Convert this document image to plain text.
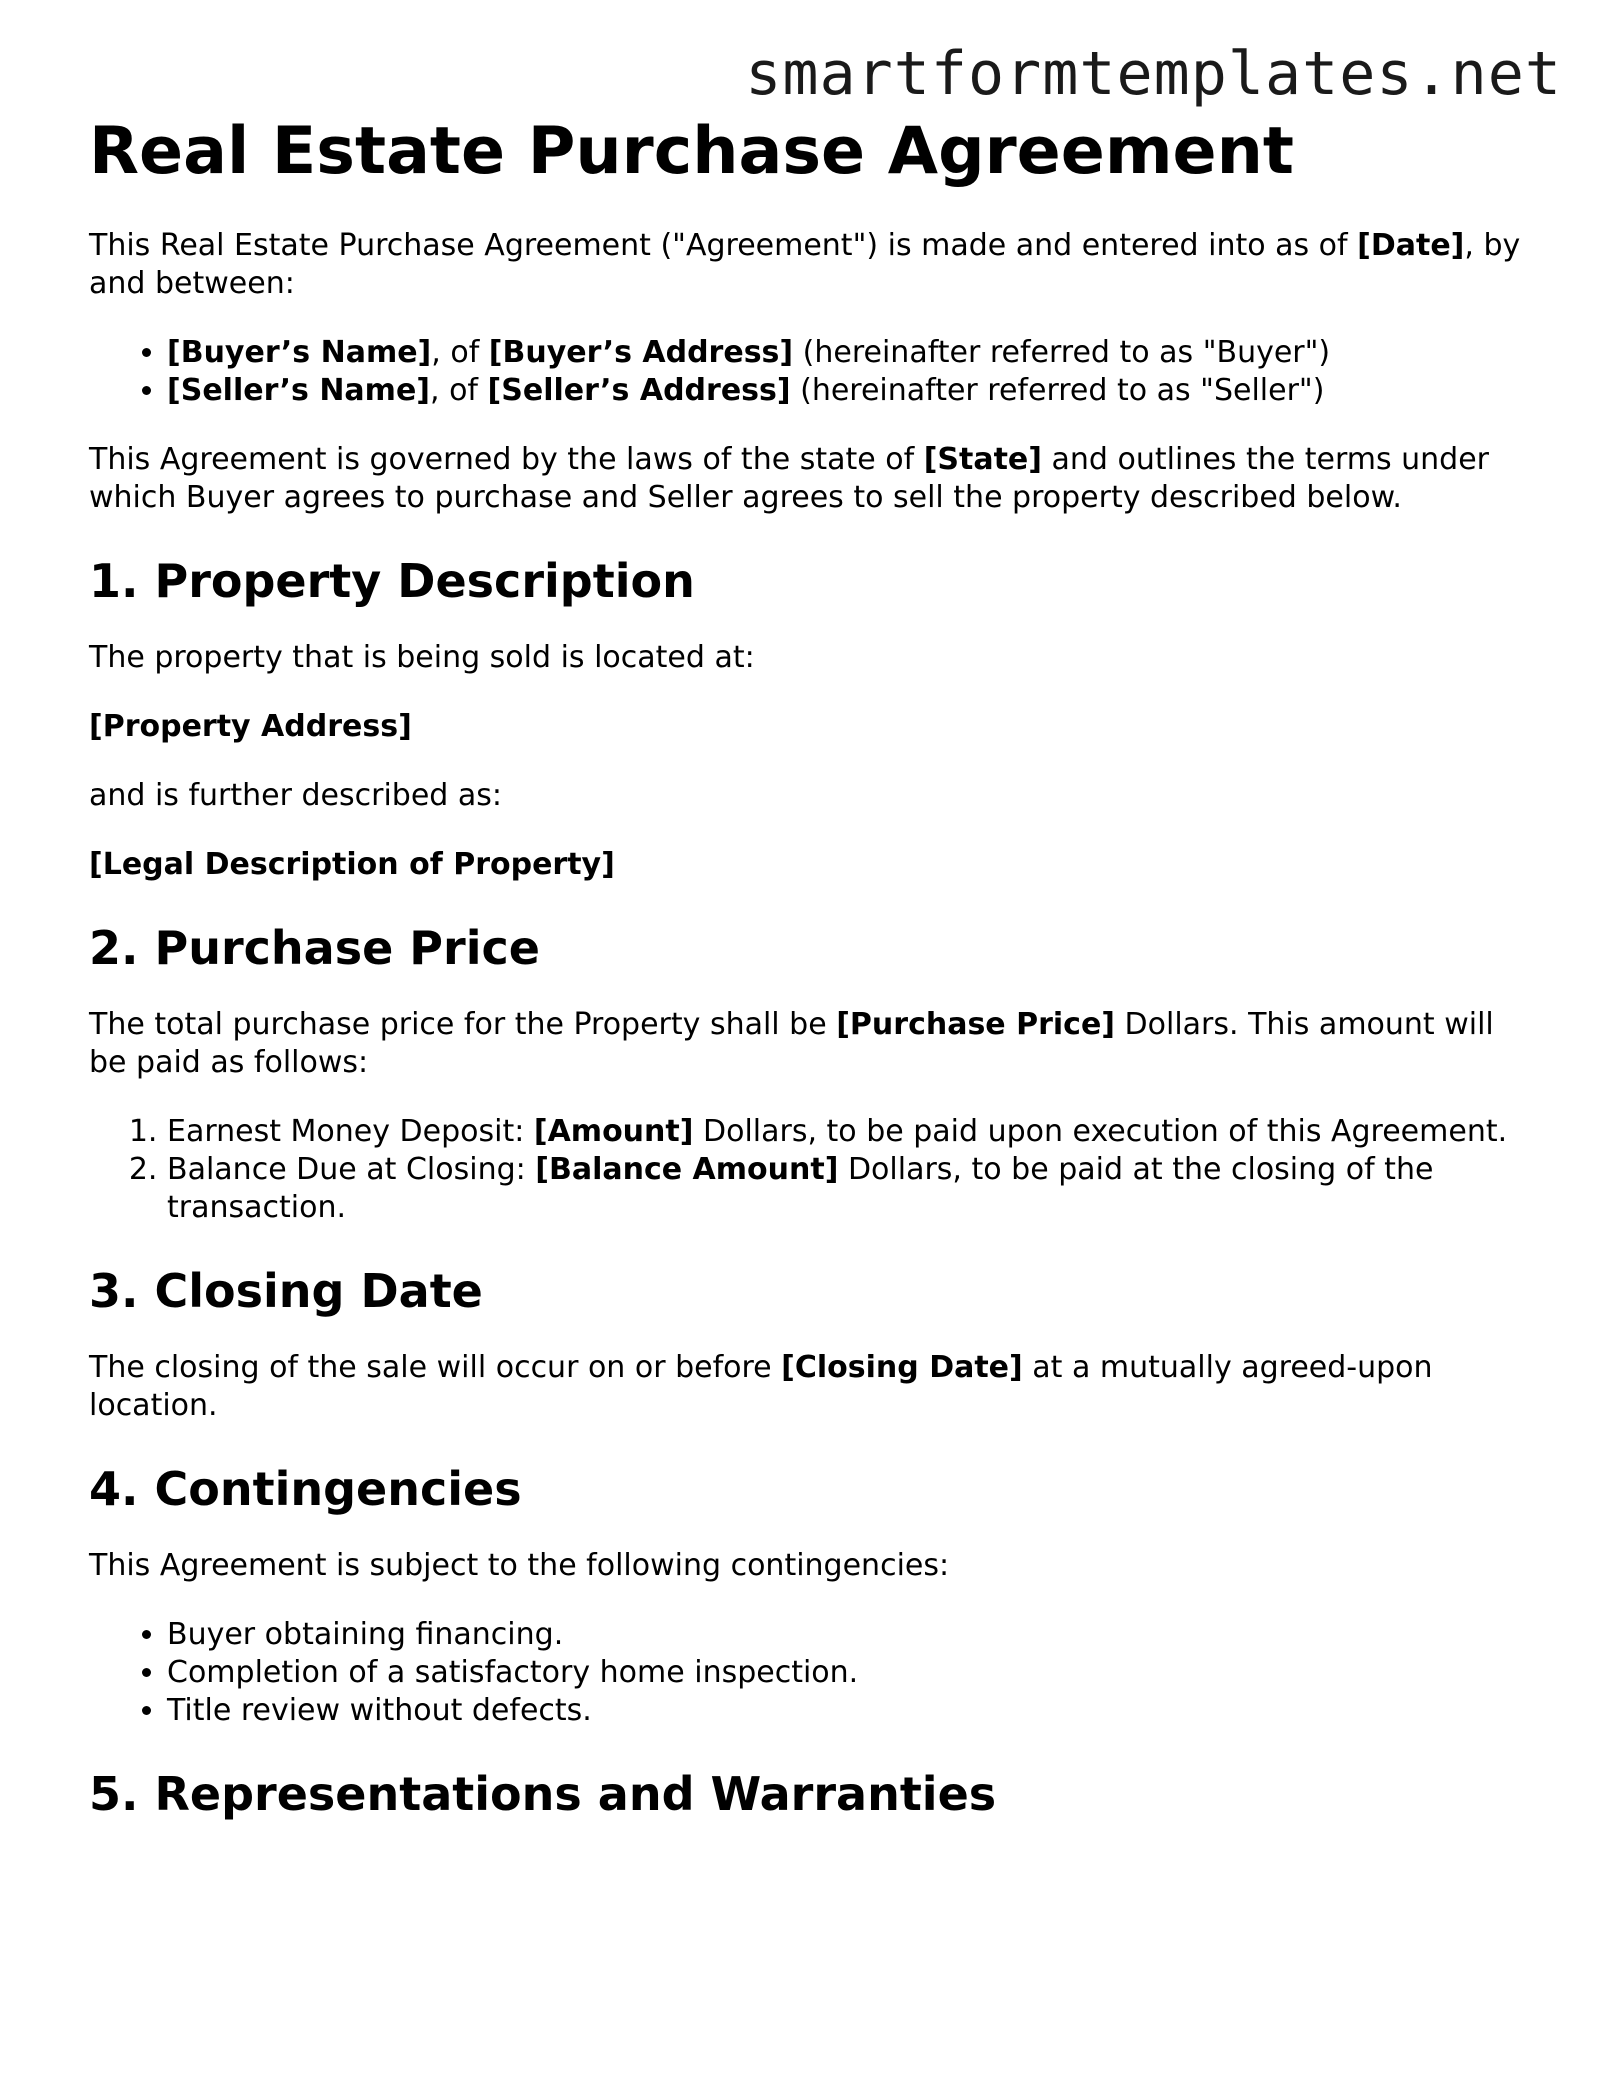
smartformtemplates.net
Real Estate Purchase Agreement

This Real Estate Purchase Agreement ("Agreement") is made and entered into as of [Date], by and between:

• [Buyer’s Name], of [Buyer’s Address] (hereinafter referred to as "Buyer")
• [Seller’s Name], of [Seller’s Address] (hereinafter referred to as "Seller")

This Agreement is governed by the laws of the state of [State] and outlines the terms under which Buyer agrees to purchase and Seller agrees to sell the property described below.

1. Property Description

The property that is being sold is located at:

[Property Address]

and is further described as:

[Legal Description of Property]

2. Purchase Price

The total purchase price for the Property shall be [Purchase Price] Dollars. This amount will be paid as follows:

1. Earnest Money Deposit: [Amount] Dollars, to be paid upon execution of this Agreement.
2. Balance Due at Closing: [Balance Amount] Dollars, to be paid at the closing of the transaction.
3. Closing Date

The closing of the sale will occur on or before [Closing Date] at a mutually agreed-upon location.

4. Contingencies

This Agreement is subject to the following contingencies:

• Buyer obtaining financing.
• Completion of a satisfactory home inspection.
• Title review without defects.
5. Representations and Warranties
